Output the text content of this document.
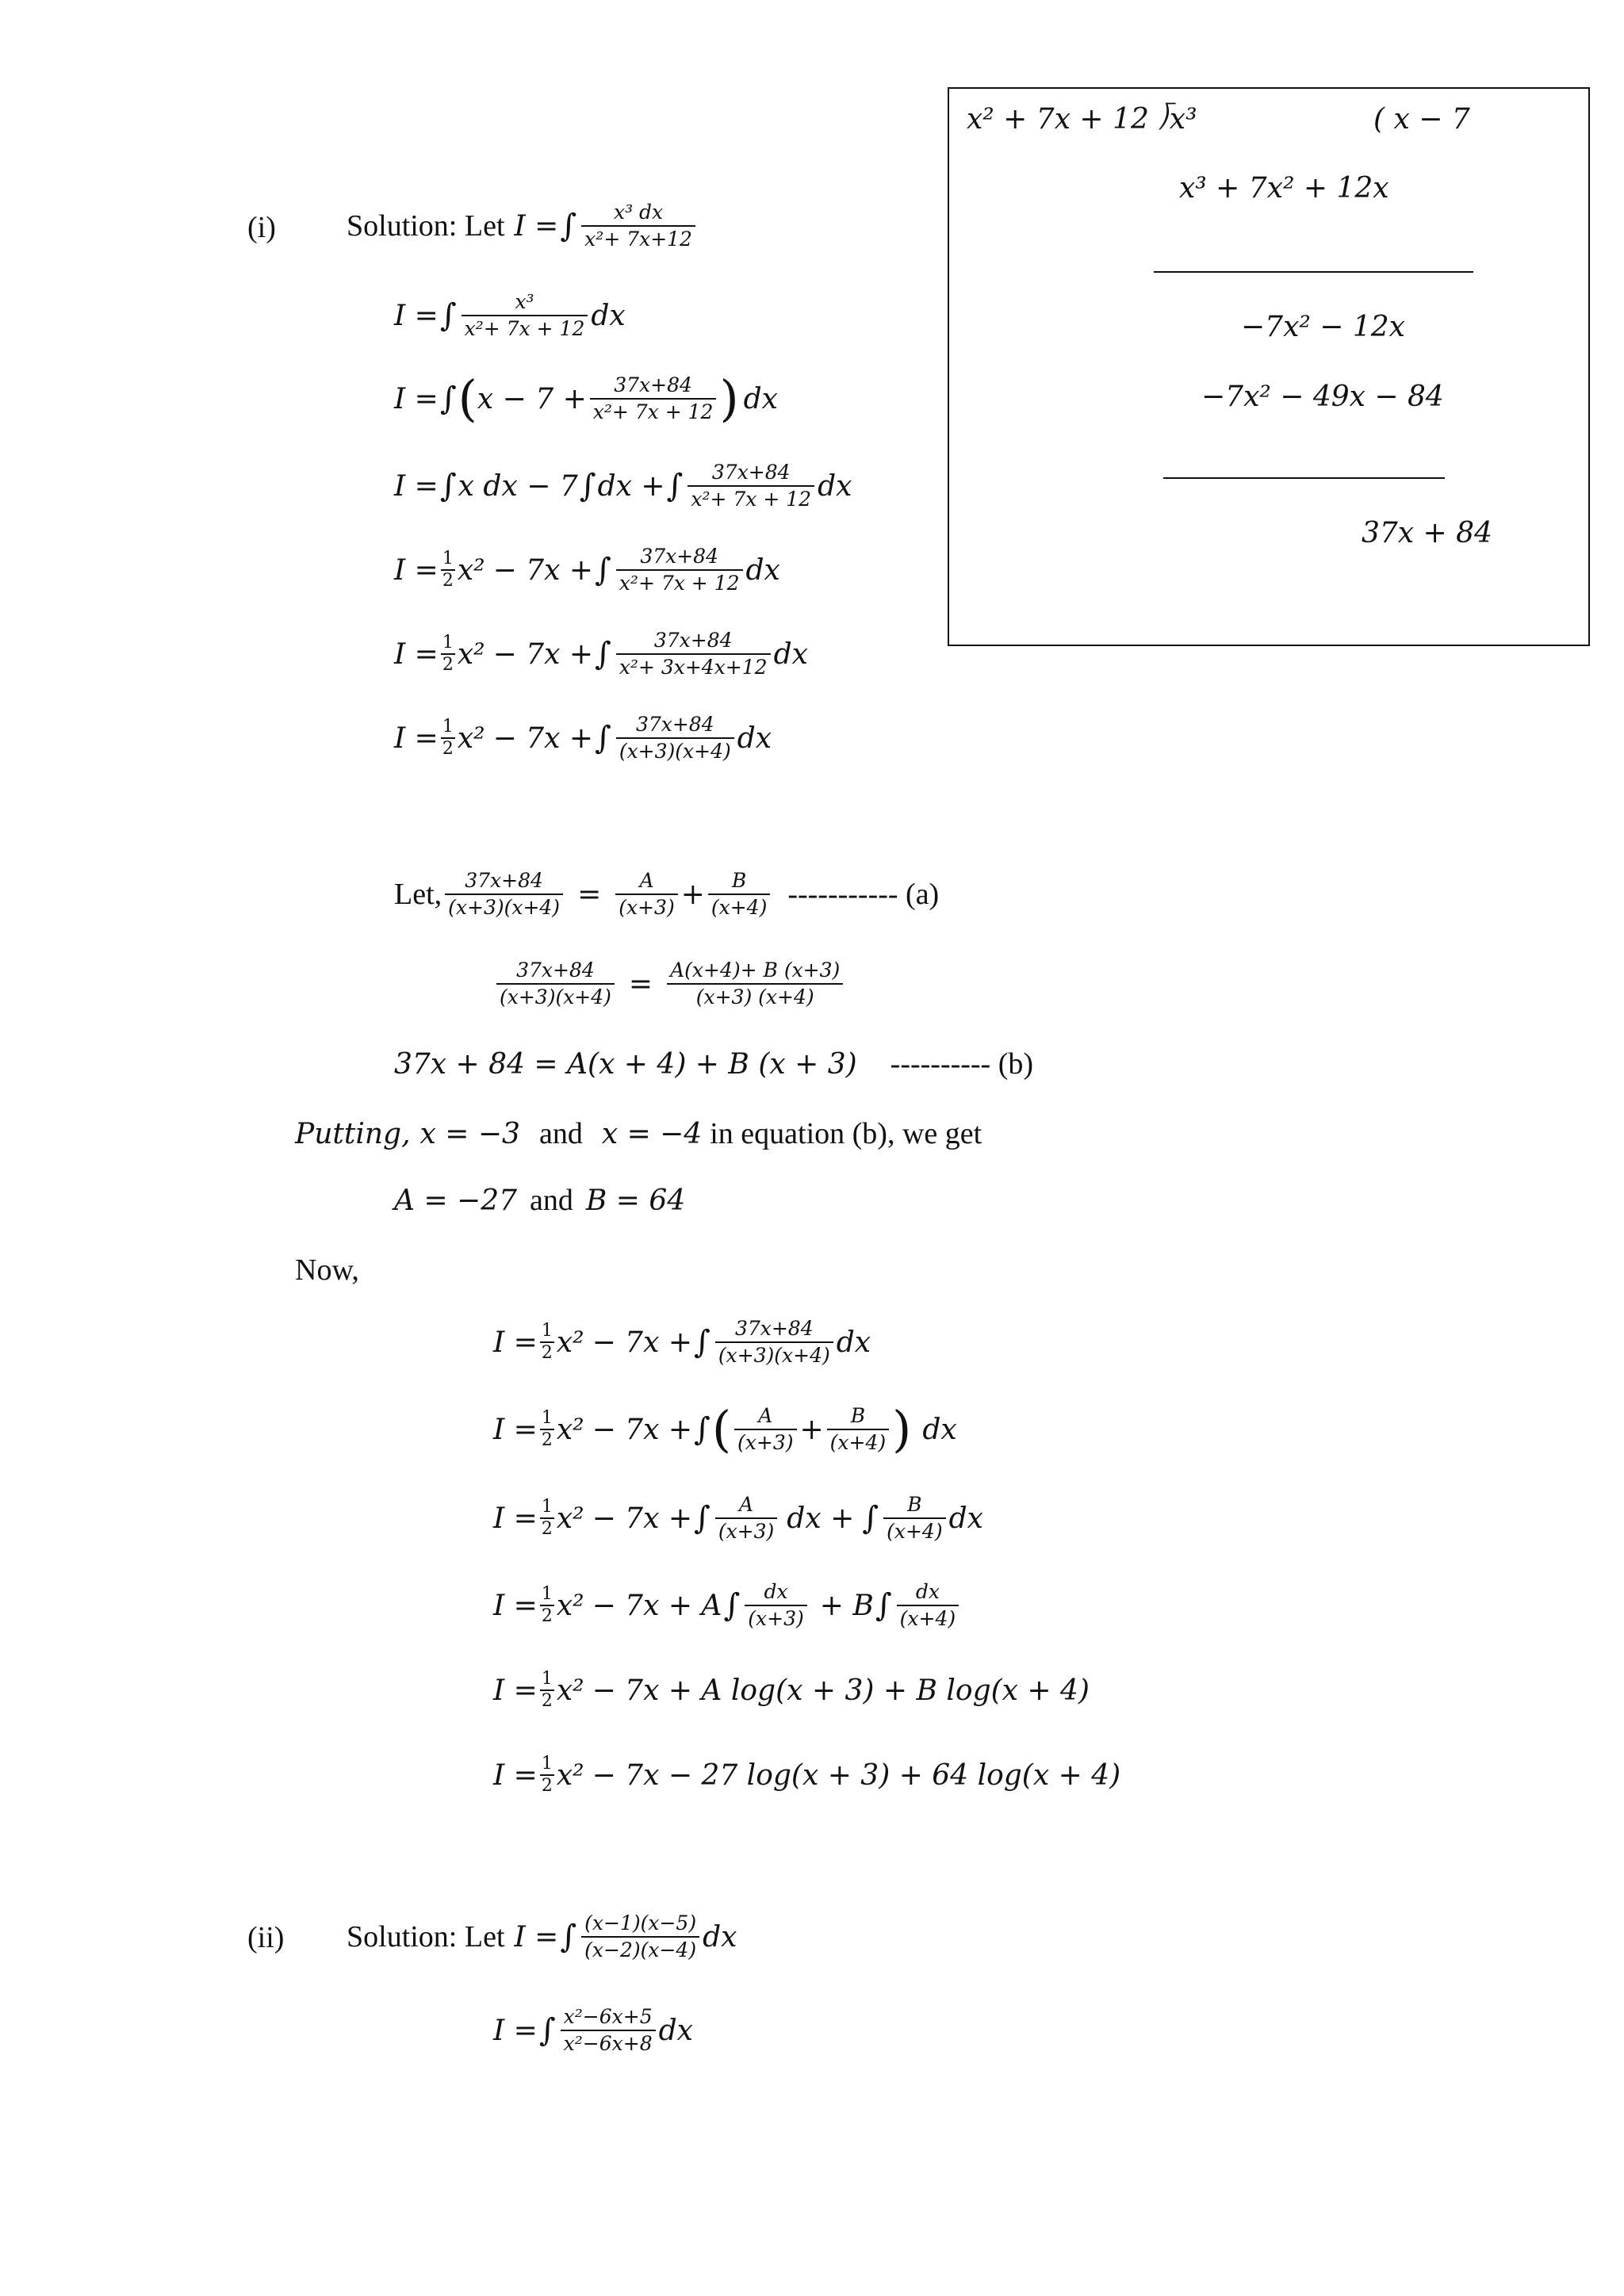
(i) Solution: Let I = ∫ $\frac{\text{x³ dx}}{\text{x²+ 7x+12}}$
I = ∫ $\frac{\text{x³}}{\text{x²+ 7x + 12}}$ dx
I = ∫ ( $x - 7 + \frac{37x+84}{\text{x²+ 7x + 12}}$ ) dx
I = ∫ x dx − 7 ∫ dx + ∫ $\frac{37x+84}{\text{x²+ 7x + 12}}$ dx
$I = \frac{1}{2} x^2 - 7x$ + ∫ $\frac{37x+84}{\text{x²+ 7x + 12}}$ dx
$I = \frac{1}{2} x^2 - 7x$ + ∫ $\frac{37x+84}{\text{x²+ 3x+4x+12}}$ dx
$I = \frac{1}{2} x^2 - 7x$ + ∫ $\frac{37x+84}{(x+3)(x+4)}$ dx
Let, $\frac{37x+84}{(x+3)(x+4)} = \frac{A}{(x+3)} + \frac{B}{(x+4)}$ ----------- (a)
$\frac{37x+84}{(x+3)(x+4)} = \frac{A(x+4)+ B (x+3)}{(x+3) (x+4)}$
37x + 84 = A(x + 4) + B (x + 3) ---------- (b)
Putting, x = −3 and x = −4 in equation (b), we get
A = −27 and B = 64
Now,
$I = \frac{1}{2} x^2 - 7x$ + ∫ $\frac{37x+84}{(x+3)(x+4)}$ dx
$I = \frac{1}{2} x^2 - 7x$ + ∫ ( $\frac{A}{(x+3)} + \frac{B}{(x+4)}$ ) dx
$I = \frac{1}{2} x^2 - 7x$ + ∫ $\frac{A}{(x+3)}$ dx + ∫ $\frac{B}{(x+4)}$ dx
$I = \frac{1}{2} x^2 - 7x + A$ ∫ $\frac{dx}{(x+3)} + B$ ∫ $\frac{dx}{(x+4)}$
$I = \frac{1}{2} x^2 - 7x + A$ log(x + 3) + B log(x + 4)
$I = \frac{1}{2} x^2 - 7x - 27$ log(x + 3) + 64 log(x + 4)
x² + 7x + 12 ⟌x³	( x − 7
x³ + 7x² + 12x
−7x² − 12x
−7x² − 49x − 84
37x + 84
(ii) Solution: Let I = ∫ $\frac{(x-1)(x-5)}{(x-2)(x-4)}$ dx
I = ∫ $\frac{\text{x²−6x+5}}{\text{x²−6x+8}}$ dx
